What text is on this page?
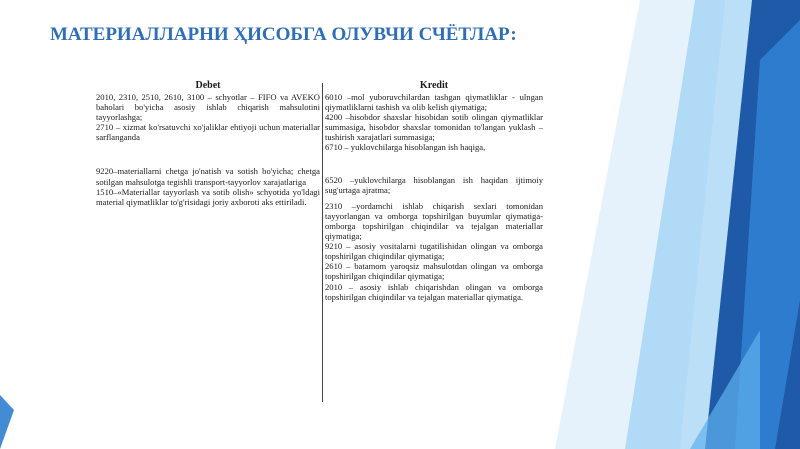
МАТЕРИАЛЛАРНИ ҲИСОБГА ОЛУВЧИ СЧЁТЛАР:
Debet

2010, 2310, 2510, 2610, 3100 – schyotlar – FIFO va AVEKO baholari bo'yicha asosiy ishlab chiqarish mahsulotini tayyorlashga;

2710 – xizmat ko'rsatuvchi xo'jaliklar ehtiyoji uchun materiallar sarflanganda

9220–materiallarni chetga jo'natish va sotish bo'yicha; chetga sotilgan mahsulotga tegishli transport-tayyorlov xarajatlariga

1510–«Materiallar tayyorlash va sotib olish» schyotida yo'ldagi material qiymatliklar to'g'risidagi joriy axboroti aks ettiriladi.

Kredit

6010 –mol yuboruvchilardan tashgan qiymatliklar - ulngan qiymatliklarni tashish va olib kelish qiymatiga;

4200 –hisobdor shaxslar hisobidan sotib olingan qiymatliklar summasiga, hisobdor shaxslar tomonidan to'langan yuklash – tushirish xarajatlari summasiga;

6710 – yuklovchilarga hisoblangan ish haqiga,

6520 –yuklovchilarga hisoblangan ish haqidan ijtimoiy sug'urtaga ajratma;

2310 –yordamchi ishlab chiqarish sexlari tomonidan tayyorlangan va omborga topshirilgan buyumlar qiymatiga- omborga topshirilgan chiqindilar va tejalgan materiallar qiymatiga;

9210 – asosiy vositalarni tugatilishidan olingan va omborga topshirilgan chiqindilar qiymatiga;

2610 – batamom yaroqsiz mahsulotdan olingan va omborga topshirilgan chiqindilar qiymatiga;

2010 – asosiy ishlab chiqarishdan olingan va omborga topshirilgan chiqindilar va tejalgan materiallar qiymatiga.
